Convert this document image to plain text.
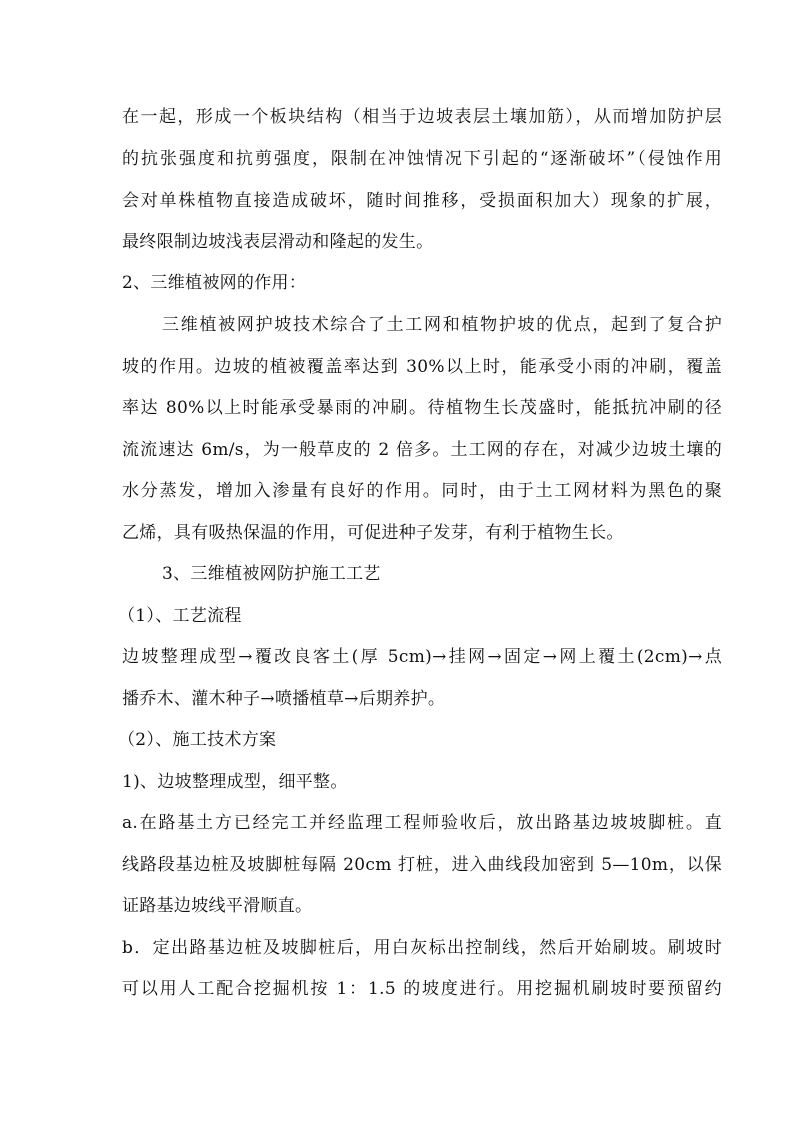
在一起，形成一个板块结构（相当于边坡表层土壤加筋），从而增加防护层
的抗张强度和抗剪强度，限制在冲蚀情况下引起的“逐渐破坏”（侵蚀作用
会对单株植物直接造成破坏，随时间推移，受损面积加大）现象的扩展，
最终限制边坡浅表层滑动和隆起的发生。
2、三维植被网的作用：
三维植被网护坡技术综合了土工网和植物护坡的优点，起到了复合护
坡的作用。边坡的植被覆盖率达到 30%以上时，能承受小雨的冲刷，覆盖
率达 80%以上时能承受暴雨的冲刷。待植物生长茂盛时，能抵抗冲刷的径
流流速达 6m/s，为一般草皮的 2 倍多。土工网的存在，对减少边坡土壤的
水分蒸发，增加入渗量有良好的作用。同时，由于土工网材料为黑色的聚
乙烯，具有吸热保温的作用，可促进种子发芽，有利于植物生长。
3、三维植被网防护施工工艺
（1）、工艺流程
边坡整理成型→覆改良客土(厚 5cm)→挂网→固定→网上覆土(2cm)→点
播乔木、灌木种子→喷播植草→后期养护。
（2）、施工技术方案
1)、边坡整理成型，细平整。
a.在路基土方已经完工并经监理工程师验收后，放出路基边坡坡脚桩。直
线路段基边桩及坡脚桩每隔 20cm 打桩，进入曲线段加密到 5—10m，以保
证路基边坡线平滑顺直。
b．定出路基边桩及坡脚桩后，用白灰标出控制线，然后开始刷坡。刷坡时
可以用人工配合挖掘机按 1：1.5 的坡度进行。用挖掘机刷坡时要预留约
